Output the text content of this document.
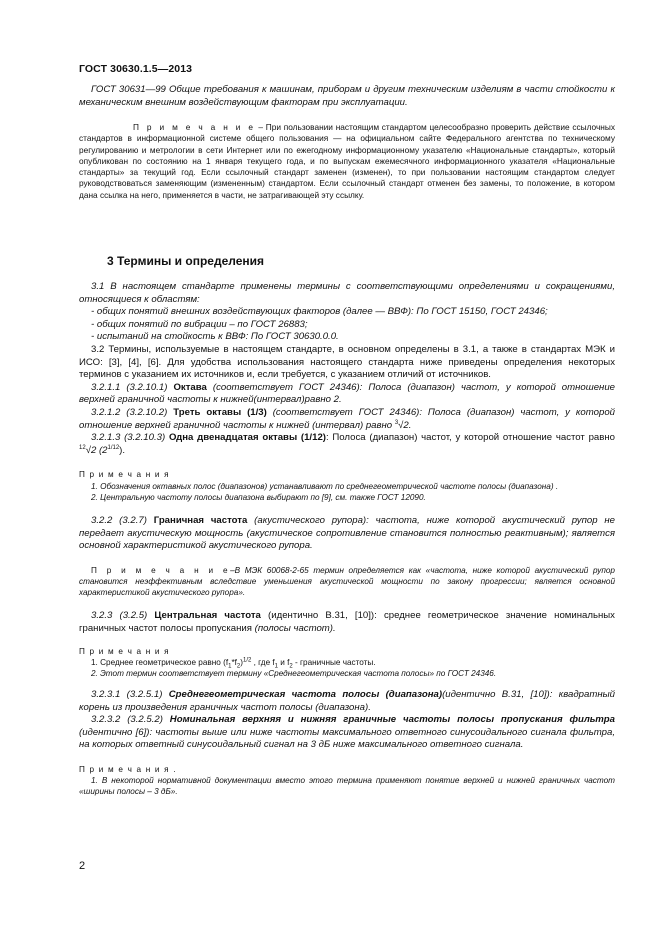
ГОСТ 30630.1.5—2013
ГОСТ 30631—99 Общие требования к машинам, приборам и другим техническим изделиям в части стойкости к механическим внешним воздействующим факторам при эксплуатации.
П р и м е ч а н и е – При пользовании настоящим стандартом целесообразно проверить действие ссылочных стандартов в информационной системе общего пользования — на официальном сайте Федерального агентства по техническому регулированию и метрологии в сети Интернет или по ежегодному информационному указателю «Национальные стандарты», который опубликован по состоянию на 1 января текущего года, и по выпускам ежемесячного информационного указателя «Национальные стандарты» за текущий год. Если ссылочный стандарт заменен (изменен), то при пользовании настоящим стандартом следует руководствоваться заменяющим (измененным) стандартом. Если ссылочный стандарт отменен без замены, то положение, в котором дана ссылка на него, применяется в части, не затрагивающей эту ссылку.
3 Термины и определения

3.1 В настоящем стандарте применены термины с соответствующими определениями и сокращениями, относящиеся к областям:

- общих понятий внешних воздействующих факторов (далее — ВВФ): По ГОСТ 15150, ГОСТ 24346;

- общих понятий по вибрации – по ГОСТ 26883;

- испытаний на стойкость к ВВФ: По ГОСТ 30630.0.0.

3.2 Термины, используемые в настоящем стандарте, в основном определены в 3.1, а также в стандартах МЭК и ИСО: [3], [4], [6]. Для удобства использования настоящего стандарта ниже приведены определения некоторых терминов с указанием их источников и, если требуется, с указанием отличий от источников.

3.2.1.1 (3.2.10.1) Октава (соответствует ГОСТ 24346): Полоса (диапазон) частот, у которой отношение верхней граничной частоты к нижней(интервал)равно 2.

3.2.1.2 (3.2.10.2) Треть октавы (1/3) (соответствует ГОСТ 24346): Полоса (диапазон) частот, у которой отношение верхней граничной частоты к нижней (интервал) равно $^3$√2.

3.2.1.3 (3.2.10.3) Одна двенадцатая октавы (1/12): Полоса (диапазон) частот, у которой отношение частот равно $^{12}$√2 $(2^{1/12})$.

П р и м е ч а н и я

1. Обозначения октавных полос (диапазонов) устанавливают по среднегеометрической частоте полосы (диапазона) .

2. Центральную частоту полосы диапазона выбирают по [9], см. также ГОСТ 12090.

3.2.2 (3.2.7) Граничная частота (акустического рупора): частота, ниже которой акустический рупор не передает акустическую мощность (акустическое сопротивление становится полностью реактивным); является основной характеристикой акустического рупора.

П р и м е ч а н и е–В МЭК 60068-2-65 термин определяется как «частота, ниже которой акустический рупор становится неэффективным вследствие уменьшения акустической мощности по закону прогрессии; является основной характеристикой акустического рупора».

3.2.3 (3.2.5) Центральная частота (идентично В.31, [10]): среднее геометрическое значение номинальных граничных частот полосы пропускания (полосы частот).

П р и м е ч а н и я

1. Среднее геометрическое равно $(f_1*f_2)^{1/2}$ , где $f_1$ и $f_2$ - граничные частоты.

2. Этот термин соответствует термину «Среднегеометрическая частота полосы» по ГОСТ 24346.

3.2.3.1 (3.2.5.1) Среднегеометрическая частота полосы (диапазона)(идентично В.31, [10]): квадратный корень из произведения граничных частот полосы (диапазона).

3.2.3.2 (3.2.5.2) Номинальная верхняя и нижняя граничные частоты полосы пропускания фильтра (идентично [6]): частоты выше или ниже частоты максимального ответного синусоидального сигнала фильтра, на которых ответный синусоидальный сигнал на 3 дБ ниже максимального ответного сигнала.

П р и м е ч а н и я .

1. В некоторой нормативной документации вместо этого термина применяют понятие верхней и нижней граничных частот «ширины полосы – 3 дБ».

2
